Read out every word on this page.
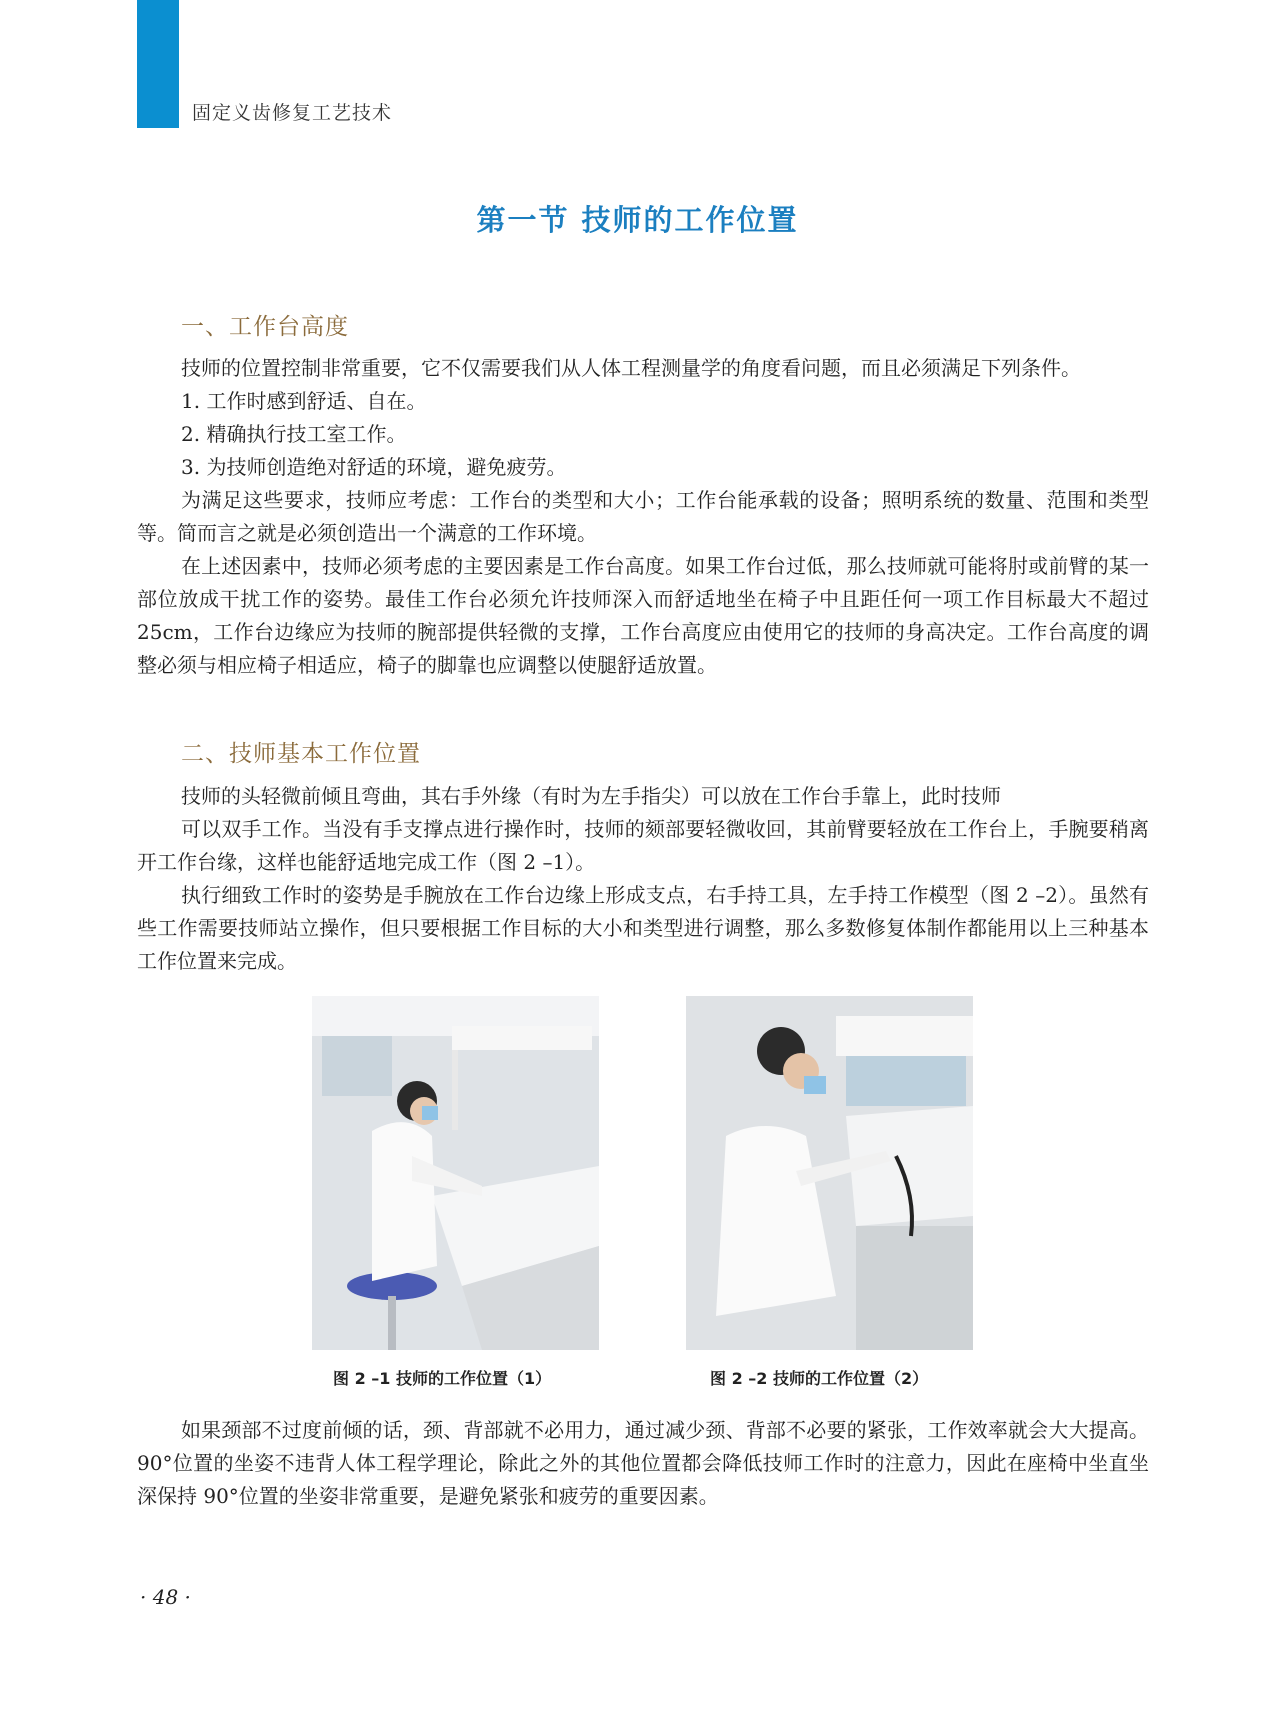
固定义齿修复工艺技术
第一节 技师的工作位置
一、工作台高度

技师的位置控制非常重要，它不仅需要我们从人体工程测量学的角度看问题，而且必须满足下列条件。

1. 工作时感到舒适、自在。

2. 精确执行技工室工作。

3. 为技师创造绝对舒适的环境，避免疲劳。

为满足这些要求，技师应考虑：工作台的类型和大小；工作台能承载的设备；照明系统的数量、范围和类型等。简而言之就是必须创造出一个满意的工作环境。

在上述因素中，技师必须考虑的主要因素是工作台高度。如果工作台过低，那么技师就可能将肘或前臂的某一部位放成干扰工作的姿势。最佳工作台必须允许技师深入而舒适地坐在椅子中且距任何一项工作目标最大不超过 25cm，工作台边缘应为技师的腕部提供轻微的支撑，工作台高度应由使用它的技师的身高决定。工作台高度的调整必须与相应椅子相适应，椅子的脚靠也应调整以使腿舒适放置。

二、技师基本工作位置

技师的头轻微前倾且弯曲，其右手外缘（有时为左手指尖）可以放在工作台手靠上，此时技师

可以双手工作。当没有手支撑点进行操作时，技师的颏部要轻微收回，其前臂要轻放在工作台上，手腕要稍离开工作台缘，这样也能舒适地完成工作（图 2 –1）。

执行细致工作时的姿势是手腕放在工作台边缘上形成支点，右手持工具，左手持工作模型（图 2 –2）。虽然有些工作需要技师站立操作，但只要根据工作目标的大小和类型进行调整，那么多数修复体制作都能用以上三种基本工作位置来完成。

图 2 –1 技师的工作位置（1）	图 2 –2 技师的工作位置（2）

如果颈部不过度前倾的话，颈、背部就不必用力，通过减少颈、背部不必要的紧张，工作效率就会大大提高。90°位置的坐姿不违背人体工程学理论，除此之外的其他位置都会降低技师工作时的注意力，因此在座椅中坐直坐深保持 90°位置的坐姿非常重要，是避免紧张和疲劳的重要因素。

· 48 ·
